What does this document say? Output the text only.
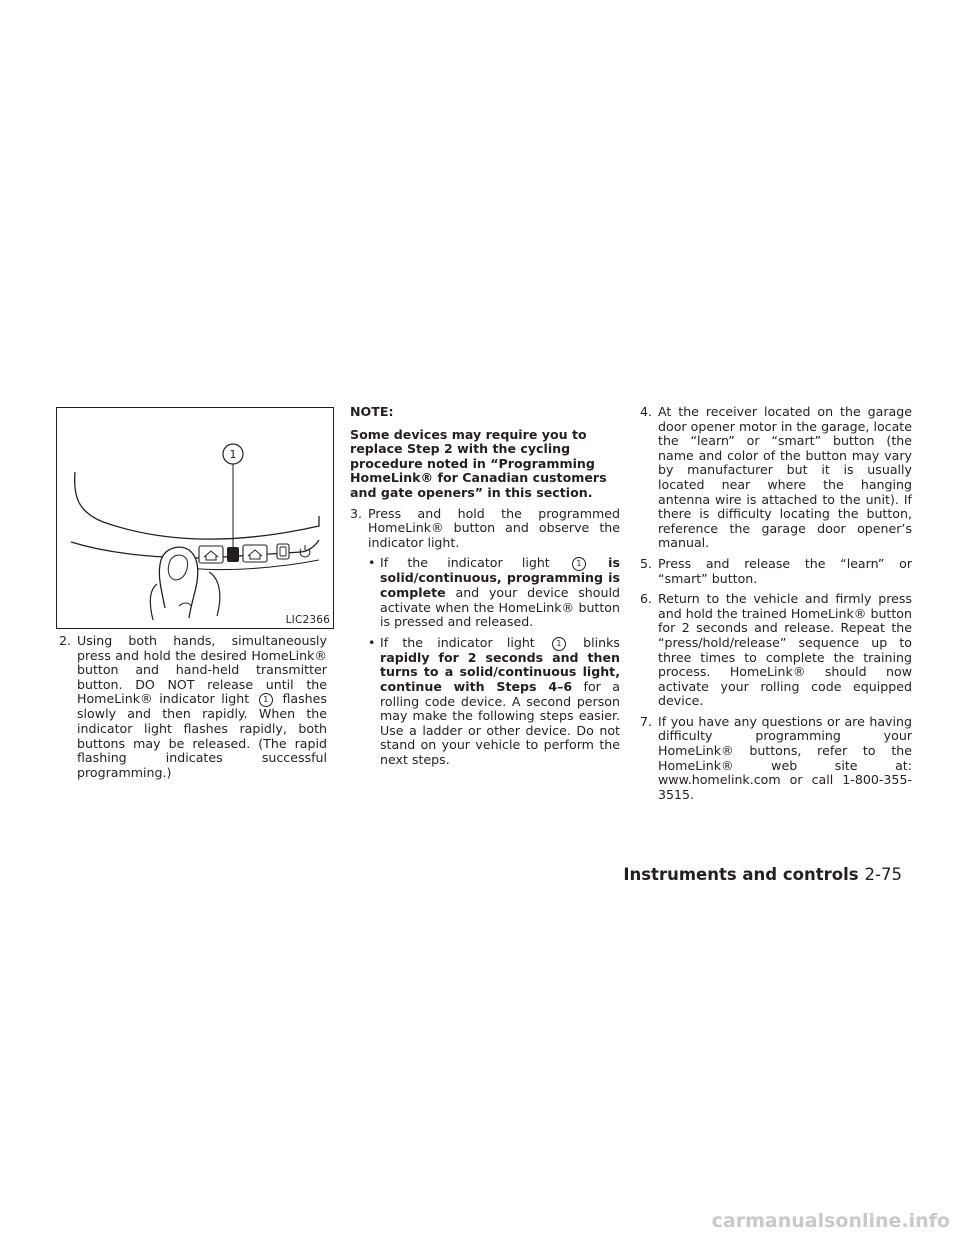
1
LIC2366
2. Using both hands, simultaneously press and hold the desired HomeLink® button and hand-held transmitter button. DO NOT release until the HomeLink® indicator light 1 flashes slowly and then rapidly. When the indicator light flashes rapidly, both buttons may be released. (The rapid flashing indicates successful programming.)
NOTE:
Some devices may require you to replace Step 2 with the cycling procedure noted in “Programming HomeLink® for Canadian customers and gate openers” in this section.
3. Press and hold the programmed HomeLink® button and observe the indicator light.
• If the indicator light	1 is solid/continuous, programming is complete and your device should activate when the HomeLink® button is pressed and released.
• If the indicator light	1 blinks rapidly for 2 seconds and then turns to a solid/continuous light, continue with Steps 4–6 for a rolling code device. A second person may make the following steps easier. Use a ladder or other device. Do not stand on your vehicle to perform the next steps.
4. At the receiver located on the garage door opener motor in the garage, locate the “learn” or “smart” button (the name and color of the button may vary by manufacturer but it is usually located near where the hanging antenna wire is attached to the unit). If there is difficulty locating the button, reference the garage door opener’s manual.
5. Press and release the “learn” or “smart” button.
6. Return to the vehicle and firmly press and hold the trained HomeLink® button for 2 seconds and release. Repeat the “press/hold/release” sequence up to three times to complete the training process. HomeLink® should now activate your rolling code equipped device.
7. If you have any questions or are having difficulty programming your HomeLink® buttons, refer to the HomeLink® web site at: www.homelink.com or call 1-800-355-3515.
Instruments and controls 2-75
carmanualsonline.info
